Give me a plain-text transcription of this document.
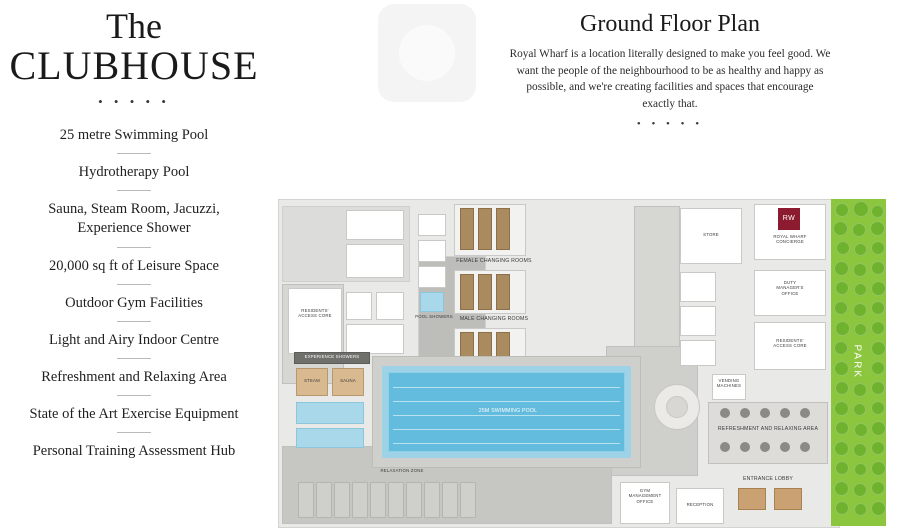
The
CLUBHOUSE
• • • • •
25 metre Swimming Pool
Hydrotherapy Pool
Sauna, Steam Room, Jacuzzi,
Experience Shower
20,000 sq ft of Leisure Space
Outdoor Gym Facilities
Light and Airy Indoor Centre
Refreshment and Relaxing Area
State of the Art Exercise Equipment
Personal Training Assessment Hub
Ground Floor Plan
Royal Wharf is a location literally designed to make you feel good. We want the people of the neighbourhood to be as healthy and happy as possible, and we're creating facilities and spaces that encourage exactly that.
• • • • •
RESIDENTS'
ACCESS CORE
FEMALE CHANGING ROOMS
MALE CHANGING ROOMS
POOL SHOWERS
STORE
RW
ROYAL WHARF
CONCIERGE
DUTY
MANAGER'S
OFFICE
RESIDENTS'
ACCESS CORE
EXPERIENCE SHOWERS
STEAM	SAUNA
25M SWIMMING POOL
RELAXATION ZONE
VENDING
MACHINES
REFRESHMENT AND RELAXING AREA
ENTRANCE LOBBY
GYM
MANAGEMENT
OFFICE
RECEPTION
